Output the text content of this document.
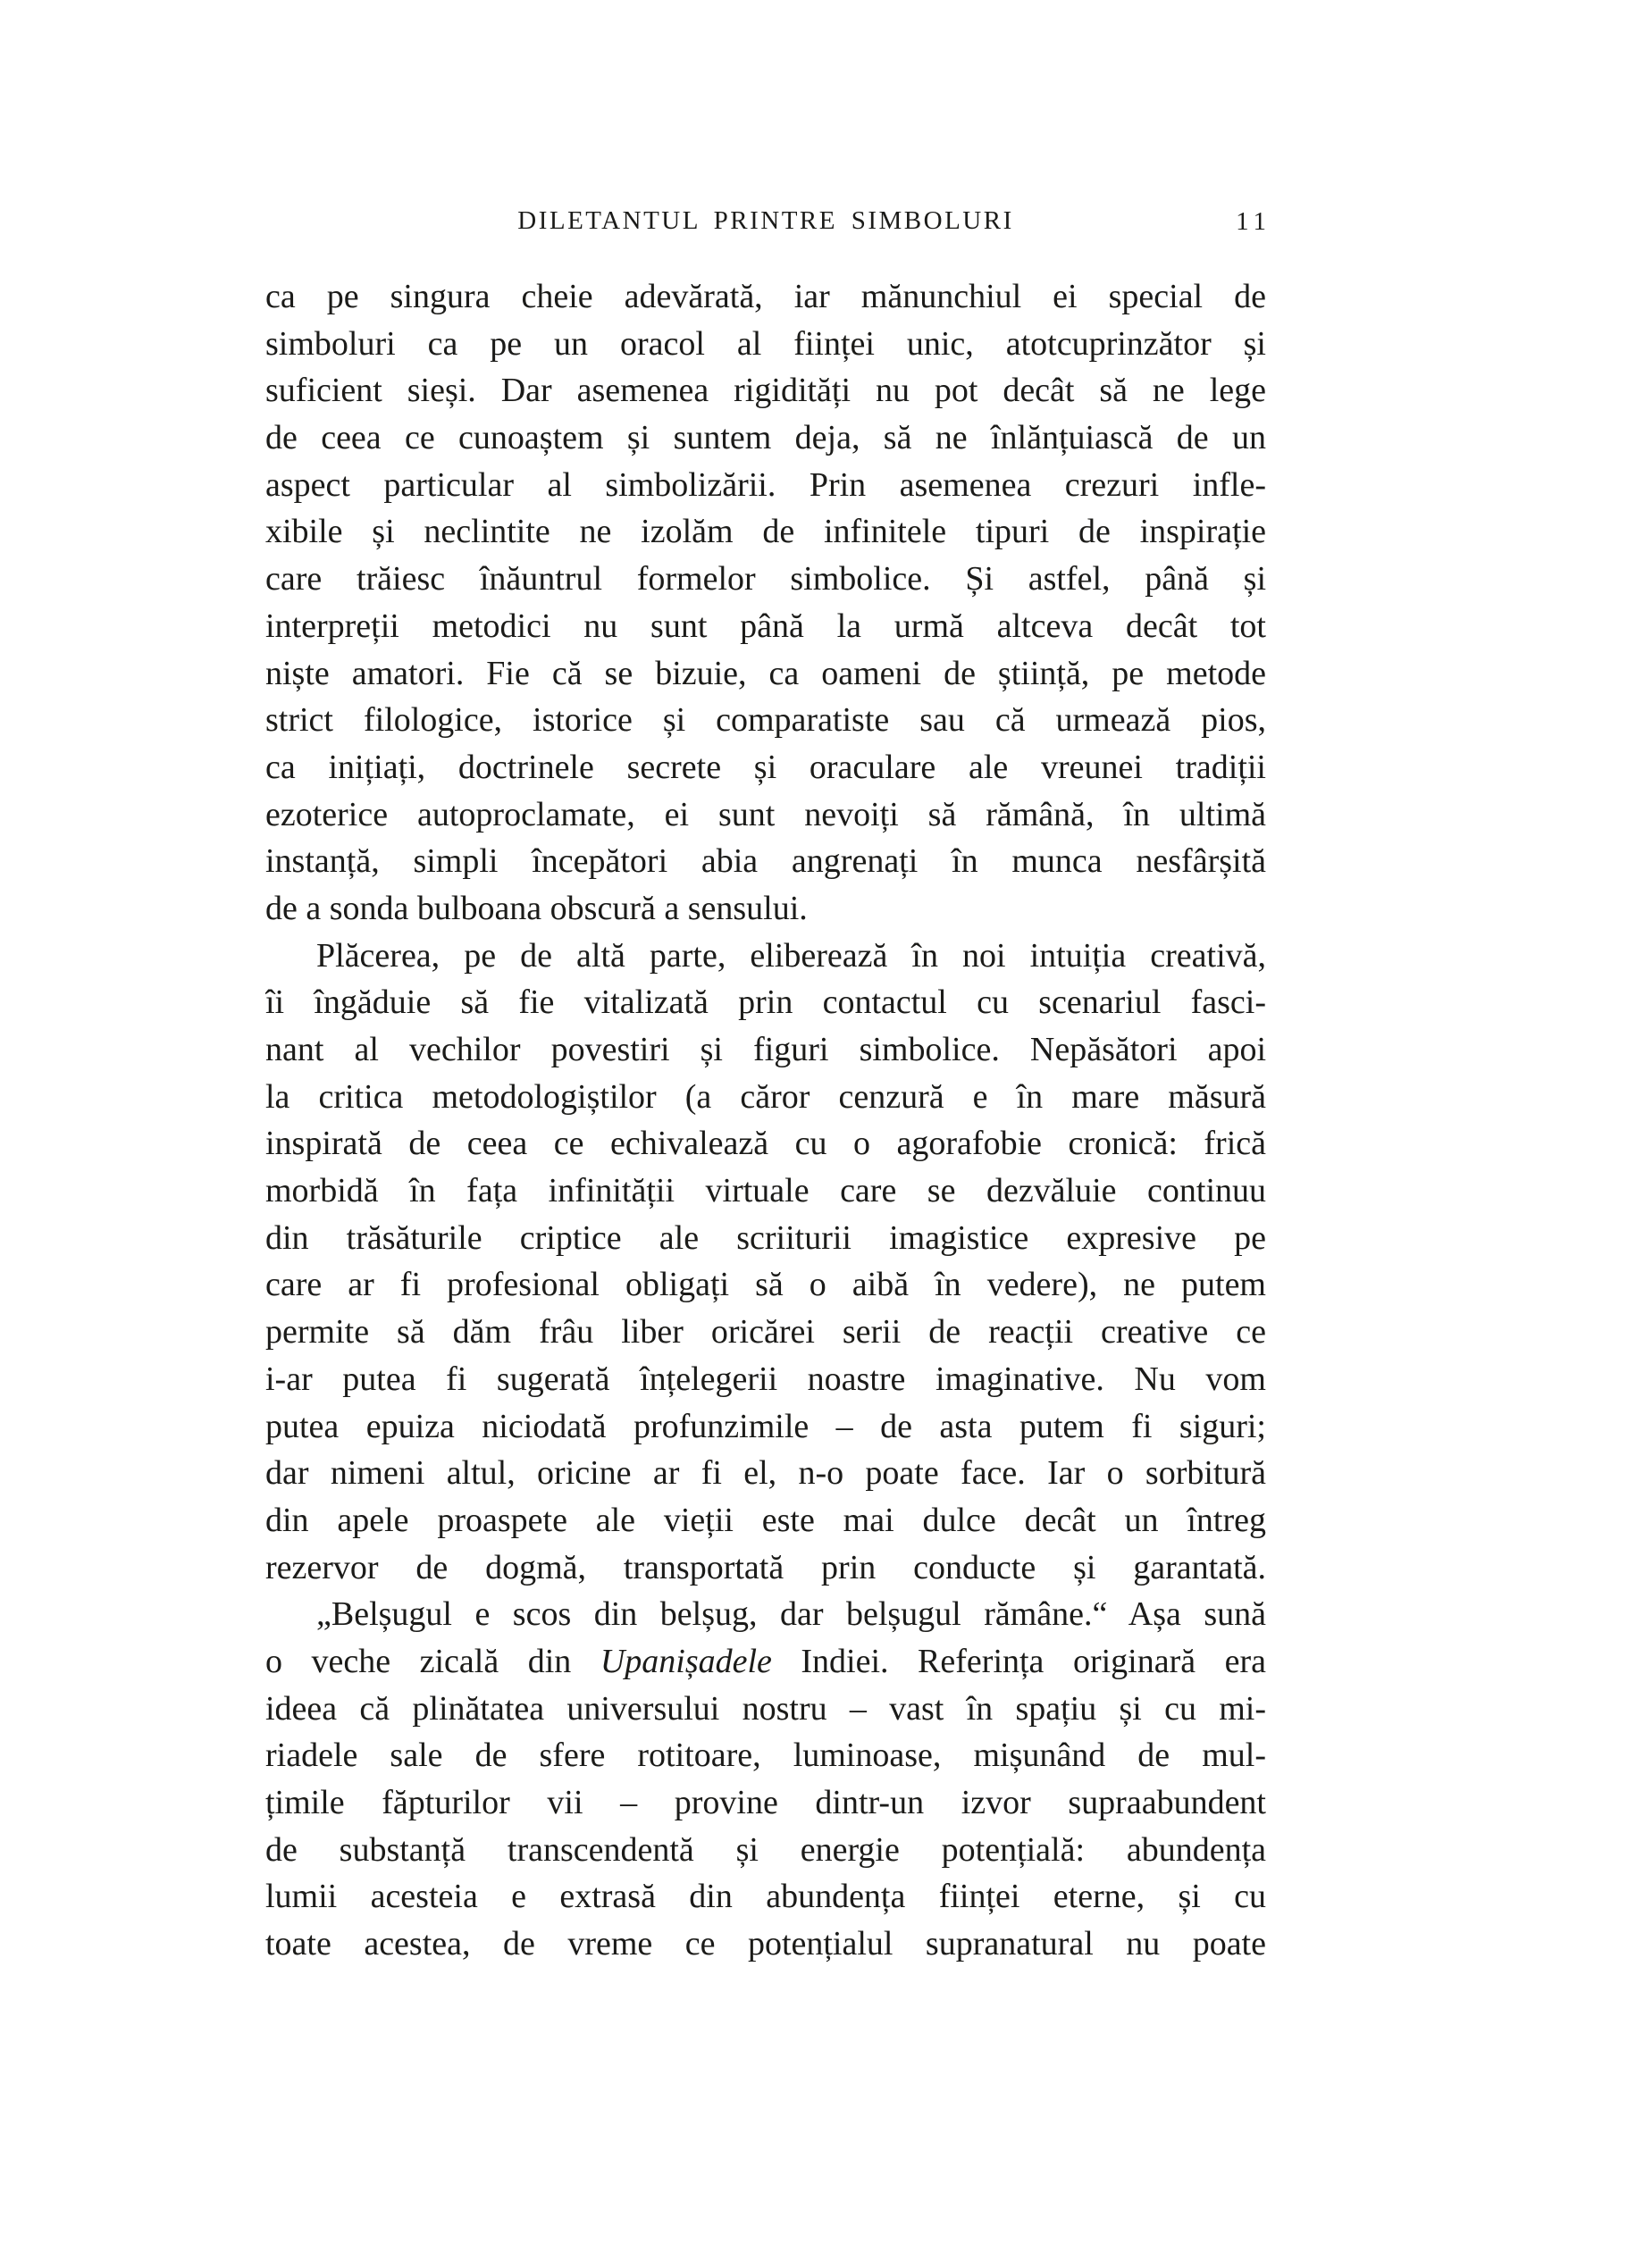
DILETANTUL PRINTRE SIMBOLURI	11
ca pe singura cheie adevărată, iar mănunchiul ei special de
simboluri ca pe un oracol al ființei unic, atotcuprinzător și
suficient sieși. Dar asemenea rigidități nu pot decât să ne lege
de ceea ce cunoaștem și suntem deja, să ne înlănțuiască de un
aspect particular al simbolizării. Prin asemenea crezuri infle-
xibile și neclintite ne izolăm de infinitele tipuri de inspirație
care trăiesc înăuntrul formelor simbolice. Și astfel, până și
interpreții metodici nu sunt până la urmă altceva decât tot
niște amatori. Fie că se bizuie, ca oameni de știință, pe metode
strict filologice, istorice și comparatiste sau că urmează pios,
ca inițiați, doctrinele secrete și oraculare ale vreunei tradiții
ezoterice autoproclamate, ei sunt nevoiți să rămână, în ultimă
instanță, simpli începători abia angrenați în munca nesfârșită
de a sonda bulboana obscură a sensului.
Plăcerea, pe de altă parte, eliberează în noi intuiția creativă,
îi îngăduie să fie vitalizată prin contactul cu scenariul fasci-
nant al vechilor povestiri și figuri simbolice. Nepăsători apoi
la critica metodologiștilor (a căror cenzură e în mare măsură
inspirată de ceea ce echivalează cu o agorafobie cronică: frică
morbidă în fața infinității virtuale care se dezvăluie continuu
din trăsăturile criptice ale scriiturii imagistice expresive pe
care ar fi profesional obligați să o aibă în vedere), ne putem
permite să dăm frâu liber oricărei serii de reacții creative ce
i-ar putea fi sugerată înțelegerii noastre imaginative. Nu vom
putea epuiza niciodată profunzimile – de asta putem fi siguri;
dar nimeni altul, oricine ar fi el, n-o poate face. Iar o sorbitură
din apele proaspete ale vieții este mai dulce decât un întreg
rezervor de dogmă, transportată prin conducte și garantată.
„Belșugul e scos din belșug, dar belșugul rămâne.“ Așa sună
o veche zicală din Upanișadele Indiei. Referința originară era
ideea că plinătatea universului nostru – vast în spațiu și cu mi-
riadele sale de sfere rotitoare, luminoase, mișunând de mul-
țimile făpturilor vii – provine dintr-un izvor supraabundent
de substanță transcendentă și energie potențială: abundența
lumii acesteia e extrasă din abundența ființei eterne, și cu
toate acestea, de vreme ce potențialul supranatural nu poate
